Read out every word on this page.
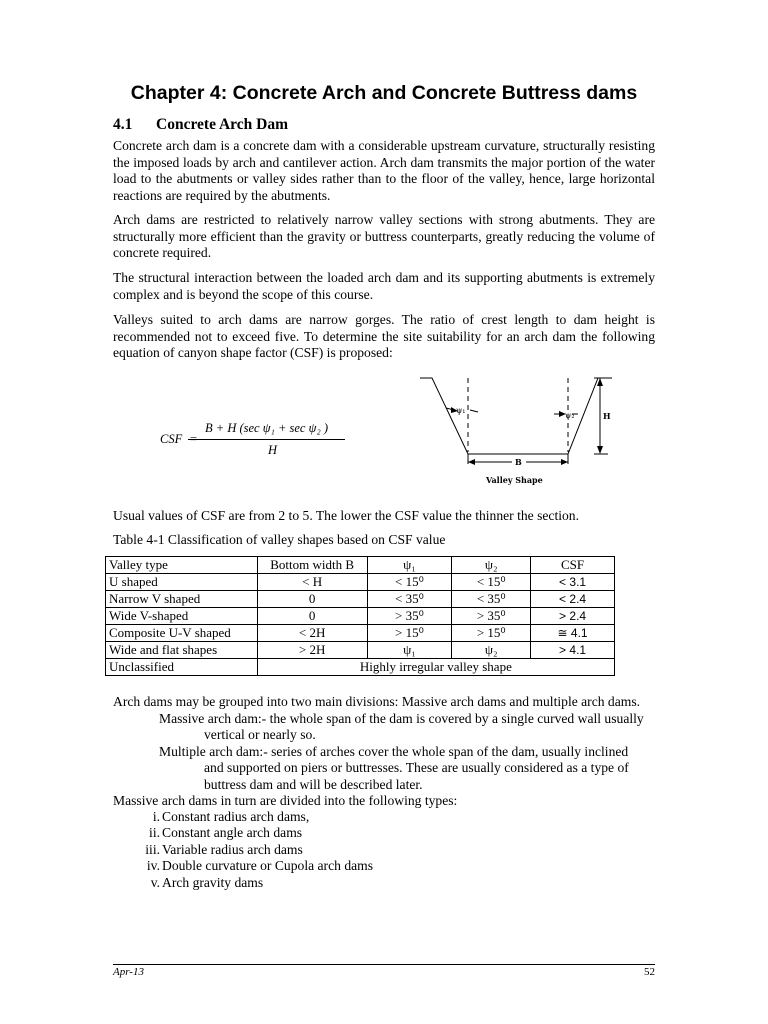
Chapter 4: Concrete Arch and Concrete Buttress dams
4.1 Concrete Arch Dam

Concrete arch dam is a concrete dam with a considerable upstream curvature, structurally resisting the imposed loads by arch and cantilever action. Arch dam transmits the major portion of the water load to the abutments or valley sides rather than to the floor of the valley, hence, large horizontal reactions are required by the abutments.

Arch dams are restricted to relatively narrow valley sections with strong abutments. They are structurally more efficient than the gravity or buttress counterparts, greatly reducing the volume of concrete required.

The structural interaction between the loaded arch dam and its supporting abutments is extremely complex and is beyond the scope of this course.

Valleys suited to arch dams are narrow gorges. The ratio of crest length to dam height is recommended not to exceed five. To determine the site suitability for an arch dam the following equation of canyon shape factor (CSF) is proposed:

CSF
B + H (sec ψ₁ + sec ψ₂ )
H
ψ₁
ψ₂	H
B
Valley Shape

Usual values of CSF are from 2 to 5. The lower the CSF value the thinner the section.

Table 4-1 Classification of valley shapes based on CSF value

Valley type	Bottom width B	ψ₁	ψ₂	CSF
U shaped	< H	< 15⁰	< 15⁰	< 3.1
Narrow V shaped	0	< 35⁰	< 35⁰	< 2.4
Wide V-shaped	0	> 35⁰	> 35⁰	> 2.4
Composite U-V shaped	< 2H	> 15⁰	> 15⁰	≅ 4.1
Wide and flat shapes	> 2H	ψ₁	ψ₂	> 4.1
Unclassified	Highly irregular valley shape			
Arch dams may be grouped into two main divisions: Massive arch dams and multiple arch dams.
Massive arch dam:- the whole span of the dam is covered by a single curved wall usually
vertical or nearly so.
Multiple arch dam:- series of arches cover the whole span of the dam, usually inclined
and supported on piers or buttresses. These are usually considered as a type of
buttress dam and will be described later.
Massive arch dams in turn are divided into the following types:
i. Constant radius arch dams,
ii. Constant angle arch dams
iii. Variable radius arch dams
iv. Double curvature or Cupola arch dams
v. Arch gravity dams
Apr-13	52
